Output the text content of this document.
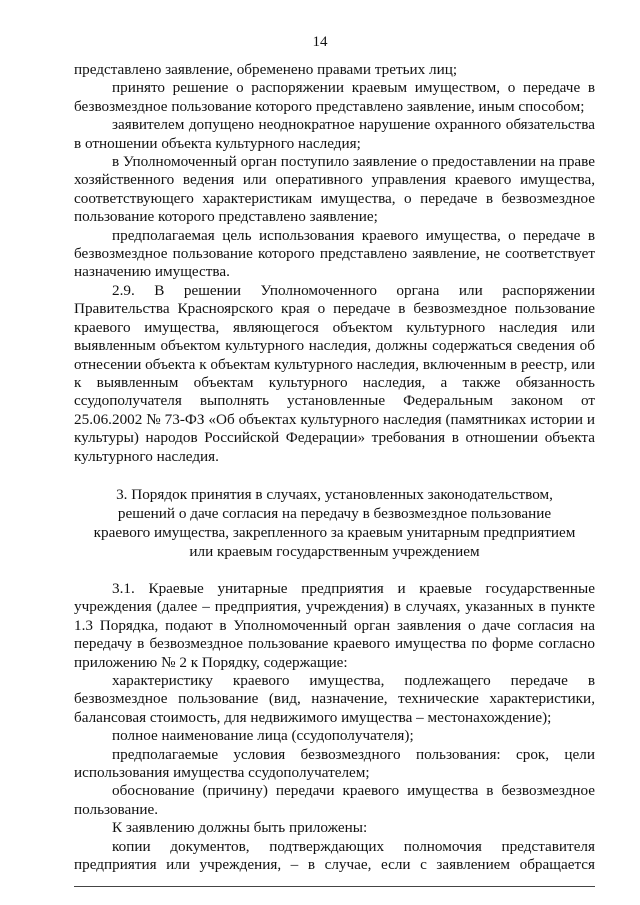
14

представлено заявление, обременено правами третьих лиц;

принято решение о распоряжении краевым имуществом, о передаче в безвозмездное пользование которого представлено заявление, иным способом;

заявителем допущено неоднократное нарушение охранного обязательства в отношении объекта культурного наследия;

в Уполномоченный орган поступило заявление о предоставлении на праве хозяйственного ведения или оперативного управления краевого имущества, соответствующего характеристикам имущества, о передаче в безвозмездное пользование которого представлено заявление;

предполагаемая цель использования краевого имущества, о передаче в безвозмездное пользование которого представлено заявление, не соответствует назначению имущества.

2.9. В решении Уполномоченного органа или распоряжении Правительства Красноярского края о передаче в безвозмездное пользование краевого имущества, являющегося объектом культурного наследия или выявленным объектом культурного наследия, должны содержаться сведения об отнесении объекта к объектам культурного наследия, включенным в реестр, или к выявленным объектам культурного наследия, а также обязанность ссудополучателя выполнять установленные Федеральным законом от 25.06.2002 № 73-ФЗ «Об объектах культурного наследия (памятниках истории и культуры) народов Российской Федерации» требования в отношении объекта культурного наследия.

3. Порядок принятия в случаях, установленных законодательством,
решений о даче согласия на передачу в безвозмездное пользование
краевого имущества, закрепленного за краевым унитарным предприятием
или краевым государственным учреждением

3.1. Краевые унитарные предприятия и краевые государственные учреждения (далее – предприятия, учреждения) в случаях, указанных в пункте 1.3 Порядка, подают в Уполномоченный орган заявления о даче согласия на передачу в безвозмездное пользование краевого имущества по форме согласно приложению № 2 к Порядку, содержащие:

характеристику краевого имущества, подлежащего передаче в безвозмездное пользование (вид, назначение, технические характеристики, балансовая стоимость, для недвижимого имущества – местонахождение);

полное наименование лица (ссудополучателя);

предполагаемые условия безвозмездного пользования: срок, цели использования имущества ссудополучателем;

обоснование (причину) передачи краевого имущества в безвозмездное пользование.

К заявлению должны быть приложены:

копии документов, подтверждающих полномочия представителя предприятия или учреждения, – в случае, если с заявлением обращается
